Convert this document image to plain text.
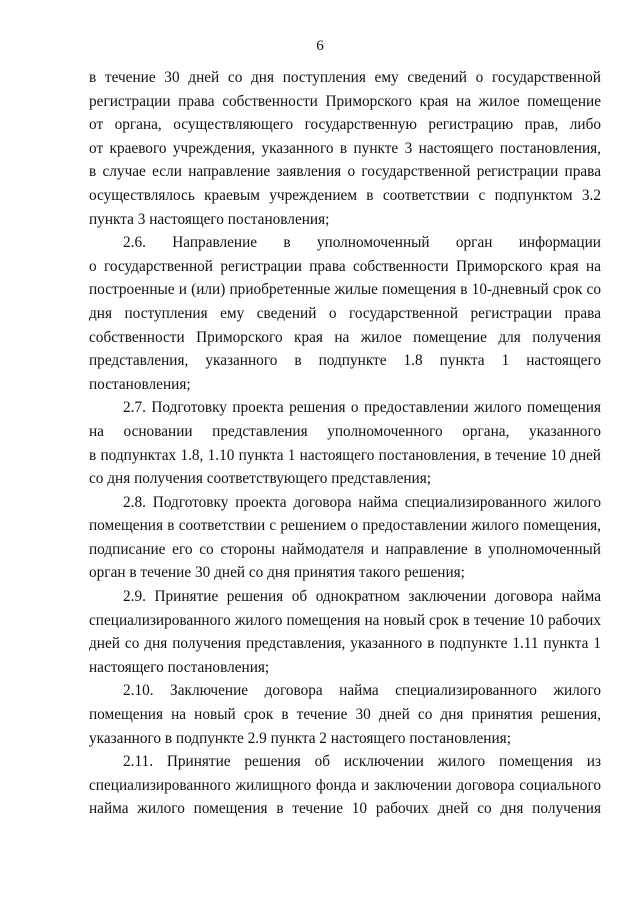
6
в течение 30 дней со дня поступления ему сведений о государственной
регистрации права собственности Приморского края на жилое помещение
от органа, осуществляющего государственную регистрацию прав, либо
от краевого учреждения, указанного в пункте 3 настоящего постановления,
в случае если направление заявления о государственной регистрации права
осуществлялось краевым учреждением в соответствии с подпунктом 3.2
пункта 3 настоящего постановления;
2.6. Направление в уполномоченный орган информации
о государственной регистрации права собственности Приморского края на
построенные и (или) приобретенные жилые помещения в 10-дневный срок со
дня поступления ему сведений о государственной регистрации права
собственности Приморского края на жилое помещение для получения
представления, указанного в подпункте 1.8 пункта 1 настоящего
постановления;
2.7. Подготовку проекта решения о предоставлении жилого помещения
на основании представления уполномоченного органа, указанного
в подпунктах 1.8, 1.10 пункта 1 настоящего постановления, в течение 10 дней
со дня получения соответствующего представления;
2.8. Подготовку проекта договора найма специализированного жилого
помещения в соответствии с решением о предоставлении жилого помещения,
подписание его со стороны наймодателя и направление в уполномоченный
орган в течение 30 дней со дня принятия такого решения;
2.9. Принятие решения об однократном заключении договора найма
специализированного жилого помещения на новый срок в течение 10 рабочих
дней со дня получения представления, указанного в подпункте 1.11 пункта 1
настоящего постановления;
2.10. Заключение договора найма специализированного жилого
помещения на новый срок в течение 30 дней со дня принятия решения,
указанного в подпункте 2.9 пункта 2 настоящего постановления;
2.11. Принятие решения об исключении жилого помещения из
специализированного жилищного фонда и заключении договора социального
найма жилого помещения в течение 10 рабочих дней со дня получения
